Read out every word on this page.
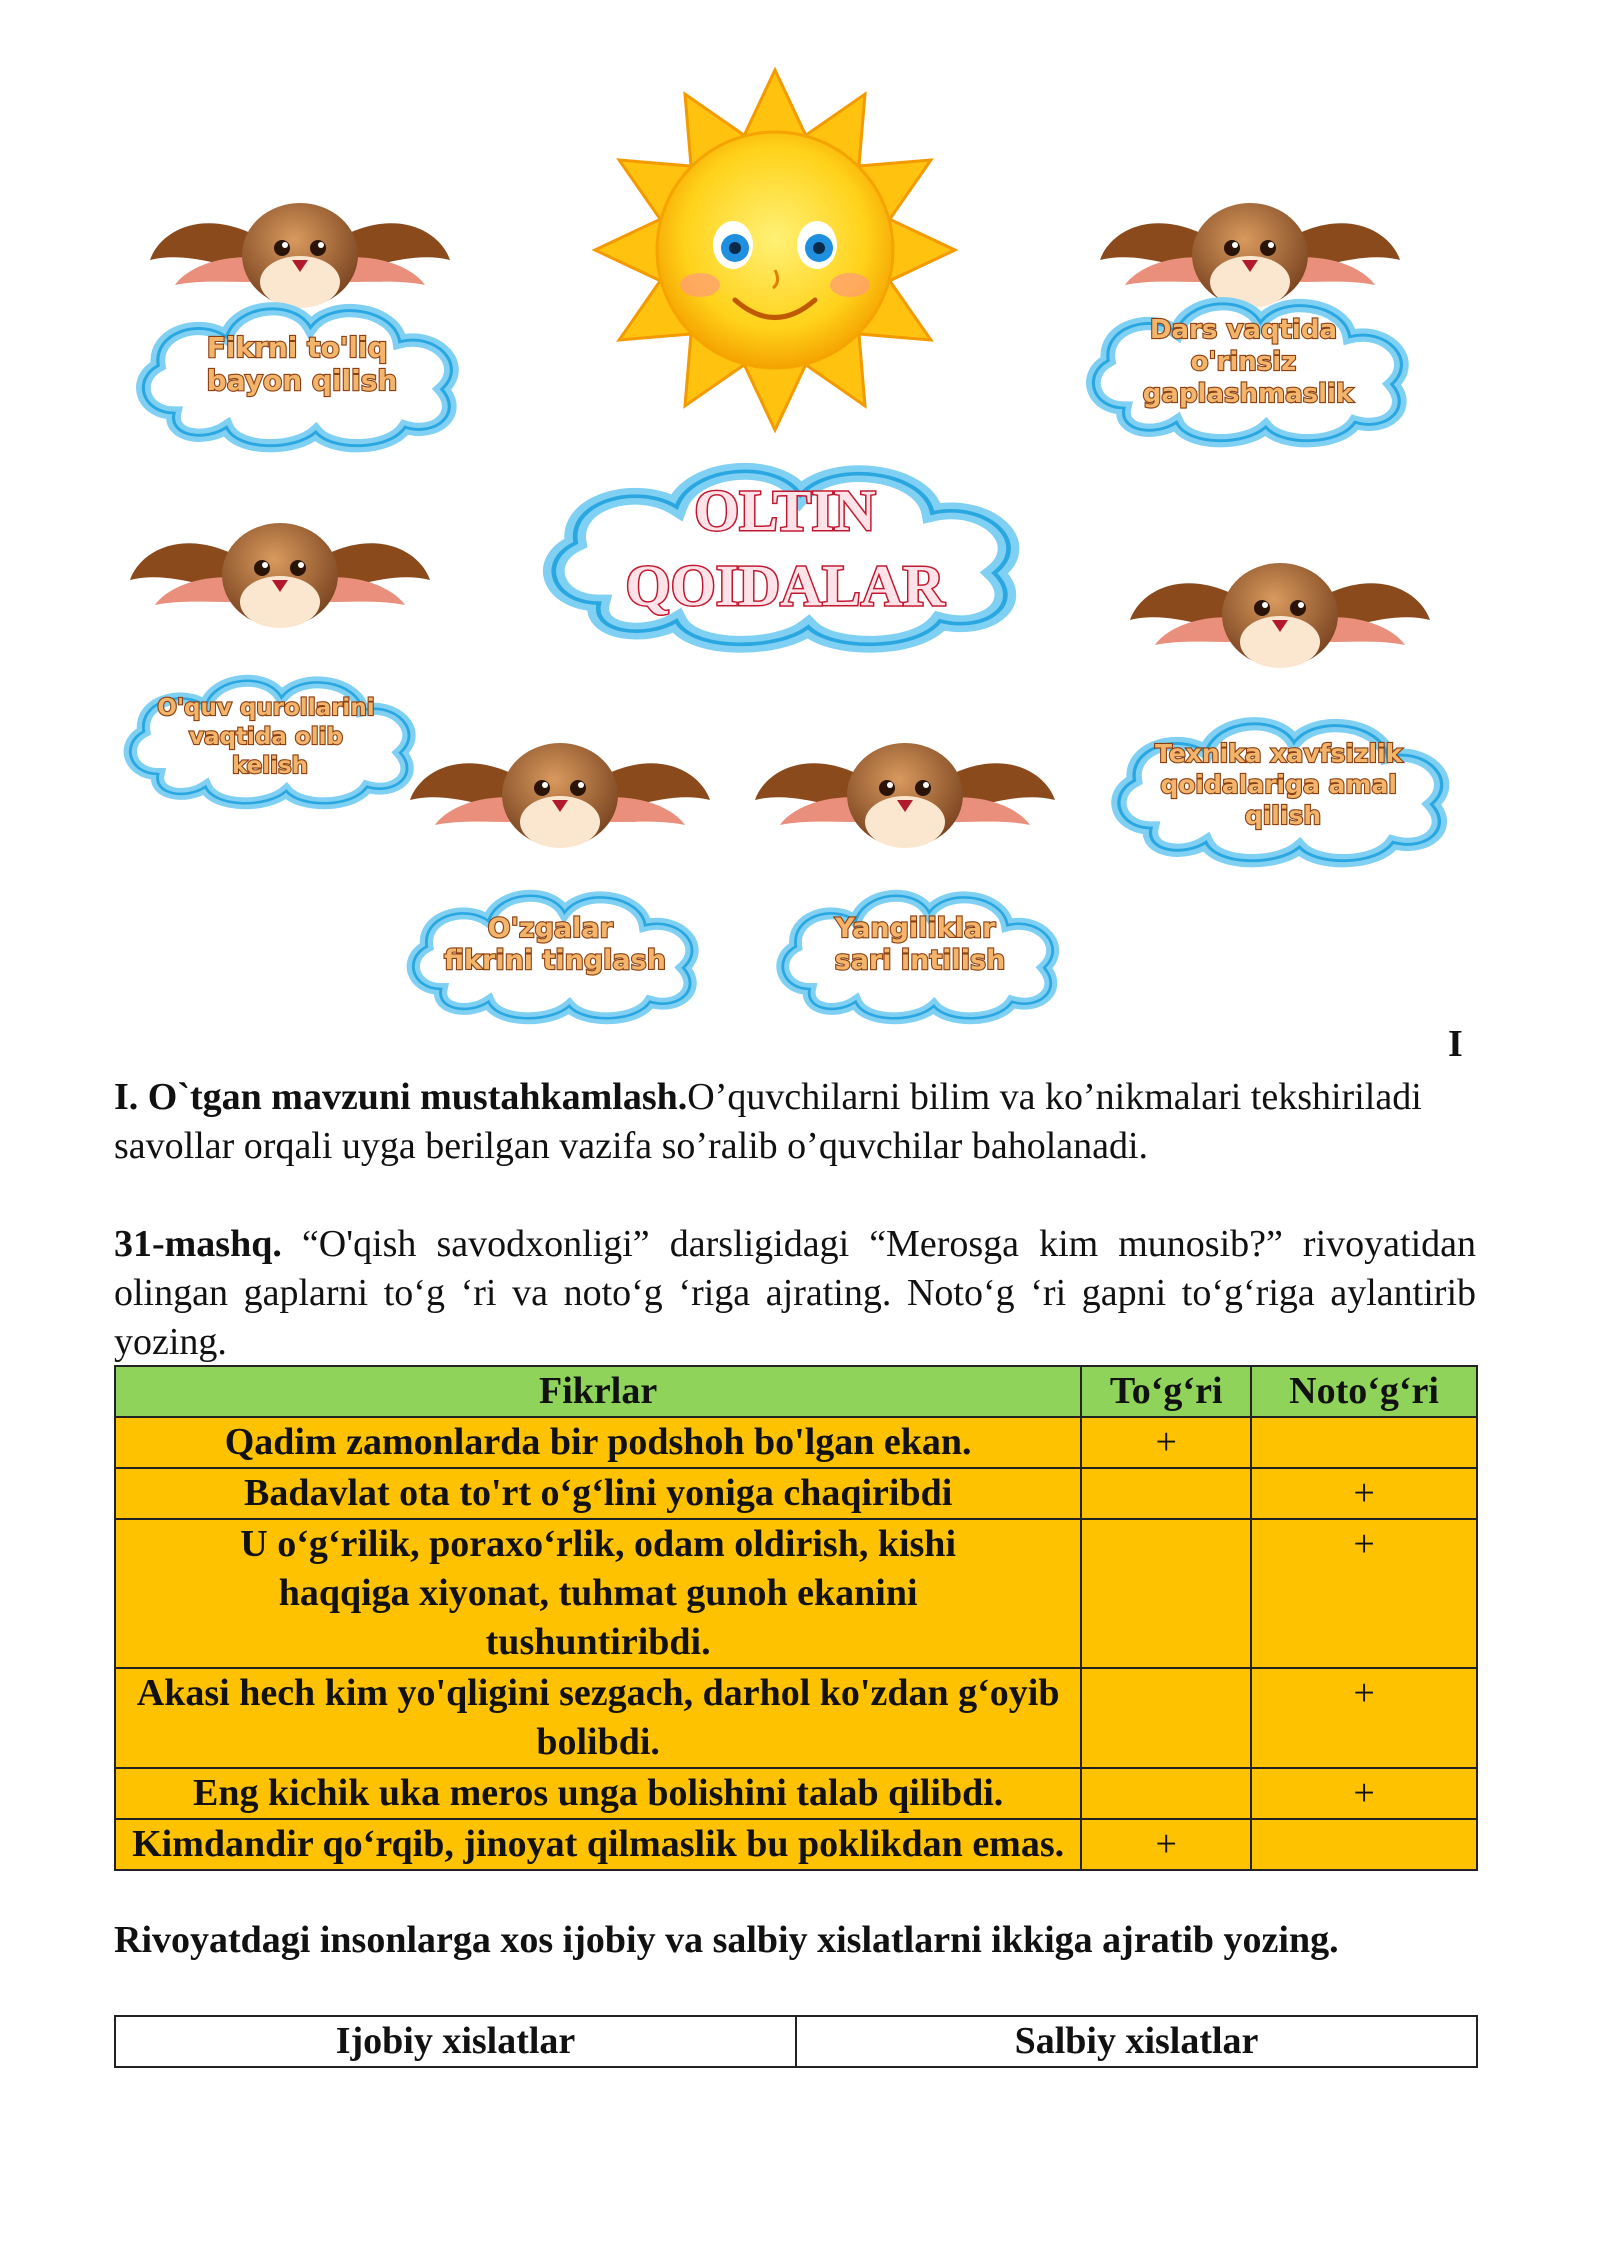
OLTIN
QOIDALAR
Fikrni to'liq bayon qilish
Dars vaqtida o'rinsiz gaplashmaslik
O'quv qurollarini vaqtida olib kelish	Texnika xavfsizlik qoidalariga amal qilish
O'zgalar fikrini tinglash
Yangiliklar sari intilish
I
I. O`tgan mavzuni mustahkamlash.O’quvchilarni bilim va ko’nikmalari tekshiriladi savollar orqali uyga berilgan vazifa so’ralib o’quvchilar baholanadi.
31-mashq. “O'qish savodxonligi” darsligidagi “Merosga kim munosib?” rivoyatidan olingan gaplarni to‘g ‘ri va noto‘g ‘riga ajrating. Noto‘g ‘ri gapni to‘g‘riga aylantirib yozing.
Fikrlar	To‘g‘ri	Noto‘g‘ri
Qadim zamonlarda bir podshoh bo'lgan ekan.	+	
Badavlat ota to'rt o‘g‘lini yoniga chaqiribdi		+
U o‘g‘rilik, poraxo‘rlik, odam oldirish, kishi haqqiga xiyonat, tuhmat gunoh ekanini tushuntiribdi.		+
Akasi hech kim yo'qligini sezgach, darhol ko'zdan g‘oyib bolibdi.		+
Eng kichik uka meros unga bolishini talab qilibdi.		+
Kimdandir qo‘rqib, jinoyat qilmaslik bu poklikdan emas.	+	
Rivoyatdagi insonlarga xos ijobiy va salbiy xislatlarni ikkiga ajratib yozing.
Ijobiy xislatlar	Salbiy xislatlar
